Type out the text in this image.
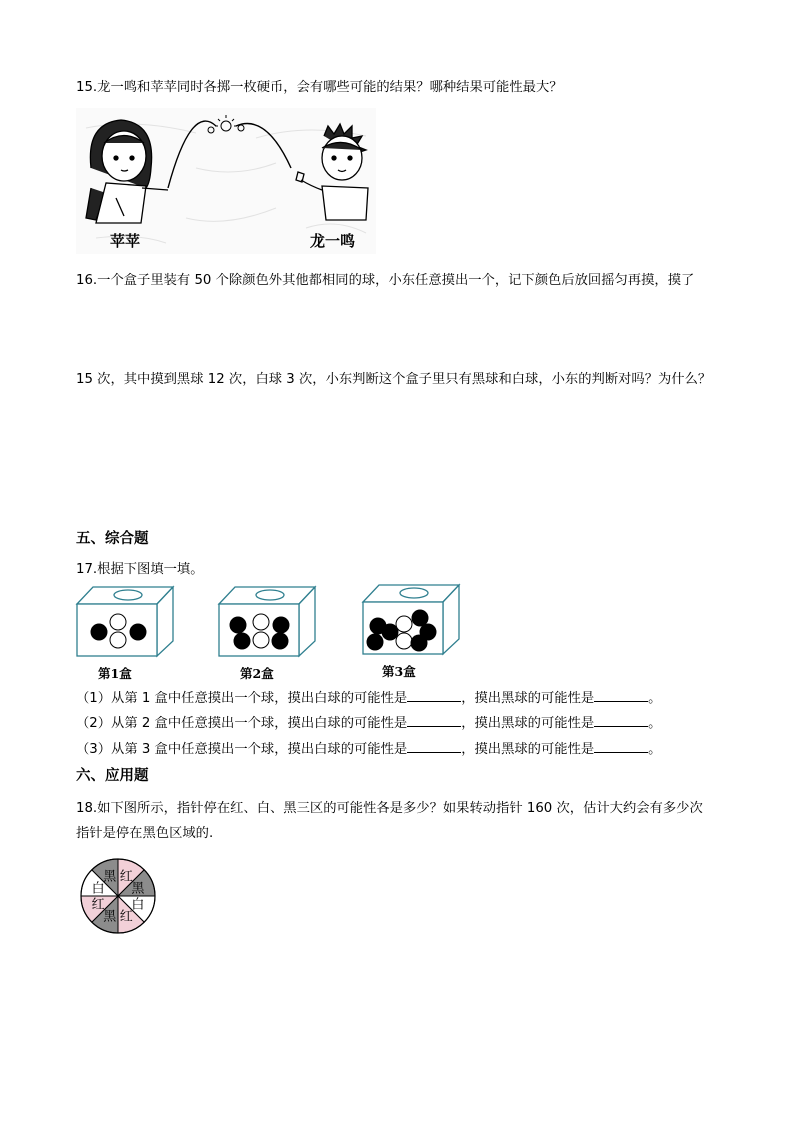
15.龙一鸣和苹苹同时各掷一枚硬币，会有哪些可能的结果？哪种结果可能性最大？
苹苹	龙一鸣
16.一个盒子里装有 50 个除颜色外其他都相同的球，小东任意摸出一个，记下颜色后放回摇匀再摸，摸了
15 次，其中摸到黑球 12 次，白球 3 次，小东判断这个盒子里只有黑球和白球，小东的判断对吗？为什么？
五、综合题
17.根据下图填一填。
第1盒	第2盒	第3盒
（1）从第 1 盒中任意摸出一个球，摸出白球的可能性是	，摸出黑球的可能性是	。
（2）从第 2 盒中任意摸出一个球，摸出白球的可能性是	，摸出黑球的可能性是	。
（3）从第 3 盒中任意摸出一个球，摸出白球的可能性是	，摸出黑球的可能性是	。
六、应用题
18.如下图所示，指针停在红、白、黑三区的可能性各是多少？如果转动指针 160 次，估计大约会有多少次
指针是停在黑色区域的.
红
黑
白
红
黑
红
白
黑
